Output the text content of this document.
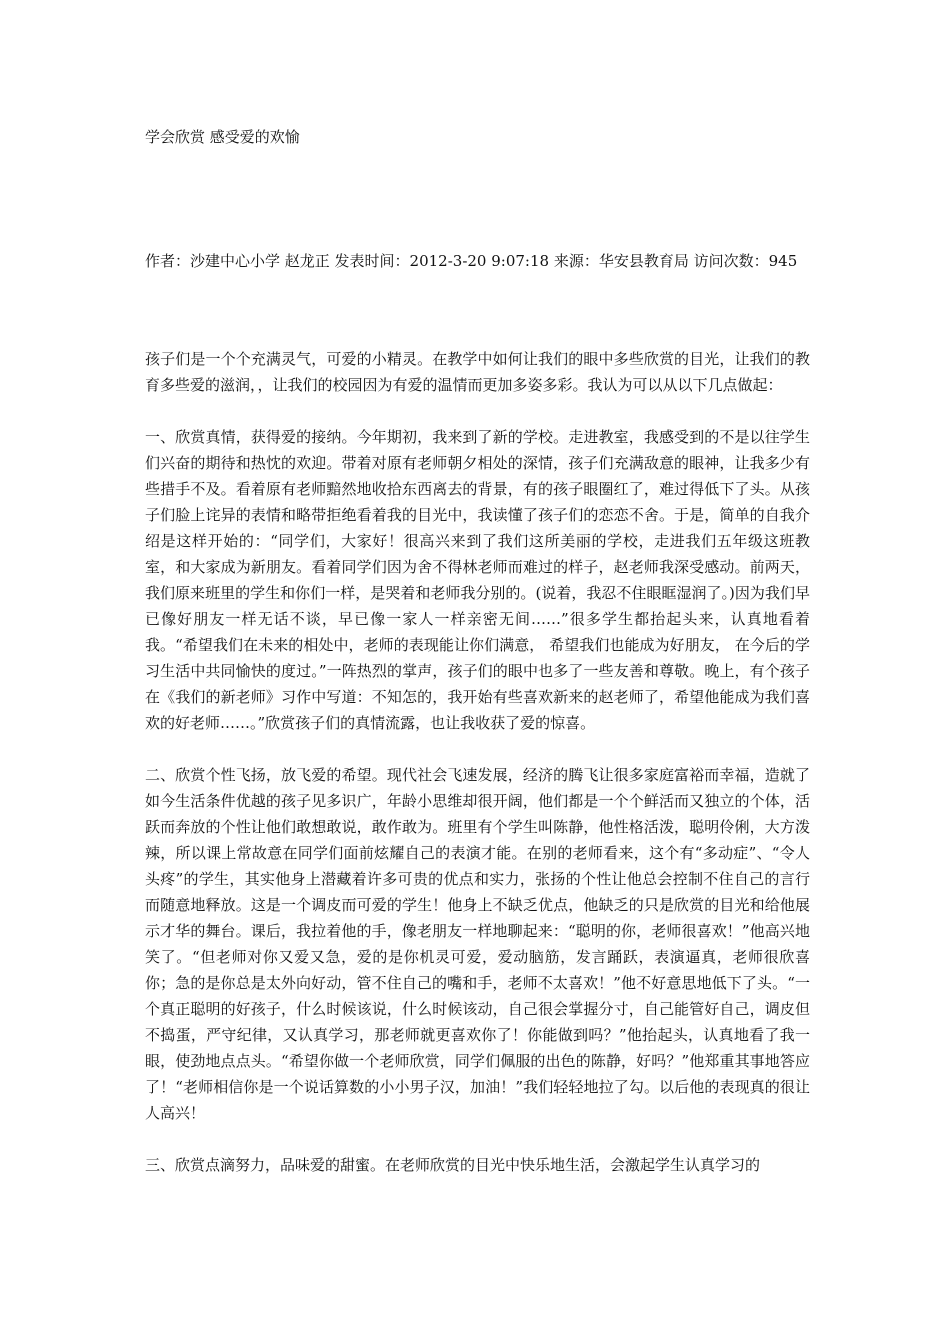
学会欣赏 感受爱的欢愉
作者：沙建中心小学 赵龙正 发表时间：2012-3-20 9:07:18 来源：华安县教育局 访问次数：945

孩子们是一个个充满灵气，可爱的小精灵。在教学中如何让我们的眼中多些欣赏的目光，让我们的教育多些爱的滋润，，让我们的校园因为有爱的温情而更加多姿多彩。我认为可以从以下几点做起：

一、欣赏真情，获得爱的接纳。今年期初，我来到了新的学校。走进教室，我感受到的不是以往学生们兴奋的期待和热忱的欢迎。带着对原有老师朝夕相处的深情，孩子们充满敌意的眼神，让我多少有些措手不及。看着原有老师黯然地收拾东西离去的背景，有的孩子眼圈红了，难过得低下了头。从孩子们脸上诧异的表情和略带拒绝看着我的目光中，我读懂了孩子们的恋恋不舍。于是，简单的自我介绍是这样开始的：“同学们，大家好！很高兴来到了我们这所美丽的学校，走进我们五年级这班教室，和大家成为新朋友。看着同学们因为舍不得林老师而难过的样子，赵老师我深受感动。前两天，我们原来班里的学生和你们一样，是哭着和老师我分别的。(说着，我忍不住眼眶湿润了。)因为我们早已像好朋友一样无话不谈，早已像一家人一样亲密无间……”很多学生都抬起头来，认真地看着我。“希望我们在未来的相处中，老师的表现能让你们满意， 希望我们也能成为好朋友， 在今后的学习生活中共同愉快的度过。”一阵热烈的掌声，孩子们的眼中也多了一些友善和尊敬。晚上，有个孩子在《我们的新老师》习作中写道：不知怎的，我开始有些喜欢新来的赵老师了，希望他能成为我们喜欢的好老师……。”欣赏孩子们的真情流露，也让我收获了爱的惊喜。

二、欣赏个性飞扬，放飞爱的希望。现代社会飞速发展，经济的腾飞让很多家庭富裕而幸福，造就了如今生活条件优越的孩子见多识广，年龄小思维却很开阔，他们都是一个个鲜活而又独立的个体，活跃而奔放的个性让他们敢想敢说，敢作敢为。班里有个学生叫陈静，他性格活泼，聪明伶俐，大方泼辣，所以课上常故意在同学们面前炫耀自己的表演才能。在别的老师看来，这个有“多动症”、“令人头疼”的学生，其实他身上潜藏着许多可贵的优点和实力，张扬的个性让他总会控制不住自己的言行而随意地释放。这是一个调皮而可爱的学生！他身上不缺乏优点，他缺乏的只是欣赏的目光和给他展示才华的舞台。课后，我拉着他的手，像老朋友一样地聊起来：“聪明的你，老师很喜欢！”他高兴地笑了。“但老师对你又爱又急，爱的是你机灵可爱，爱动脑筋，发言踊跃，表演逼真，老师很欣喜你；急的是你总是太外向好动，管不住自己的嘴和手，老师不太喜欢！”他不好意思地低下了头。“一个真正聪明的好孩子，什么时候该说，什么时候该动，自己很会掌握分寸，自己能管好自己，调皮但不捣蛋，严守纪律，又认真学习，那老师就更喜欢你了！你能做到吗？”他抬起头，认真地看了我一眼，使劲地点点头。“希望你做一个老师欣赏，同学们佩服的出色的陈静，好吗？”他郑重其事地答应了！“老师相信你是一个说话算数的小小男子汉，加油！”我们轻轻地拉了勾。以后他的表现真的很让人高兴！

三、欣赏点滴努力，品味爱的甜蜜。在老师欣赏的目光中快乐地生活，会激起学生认真学习的
